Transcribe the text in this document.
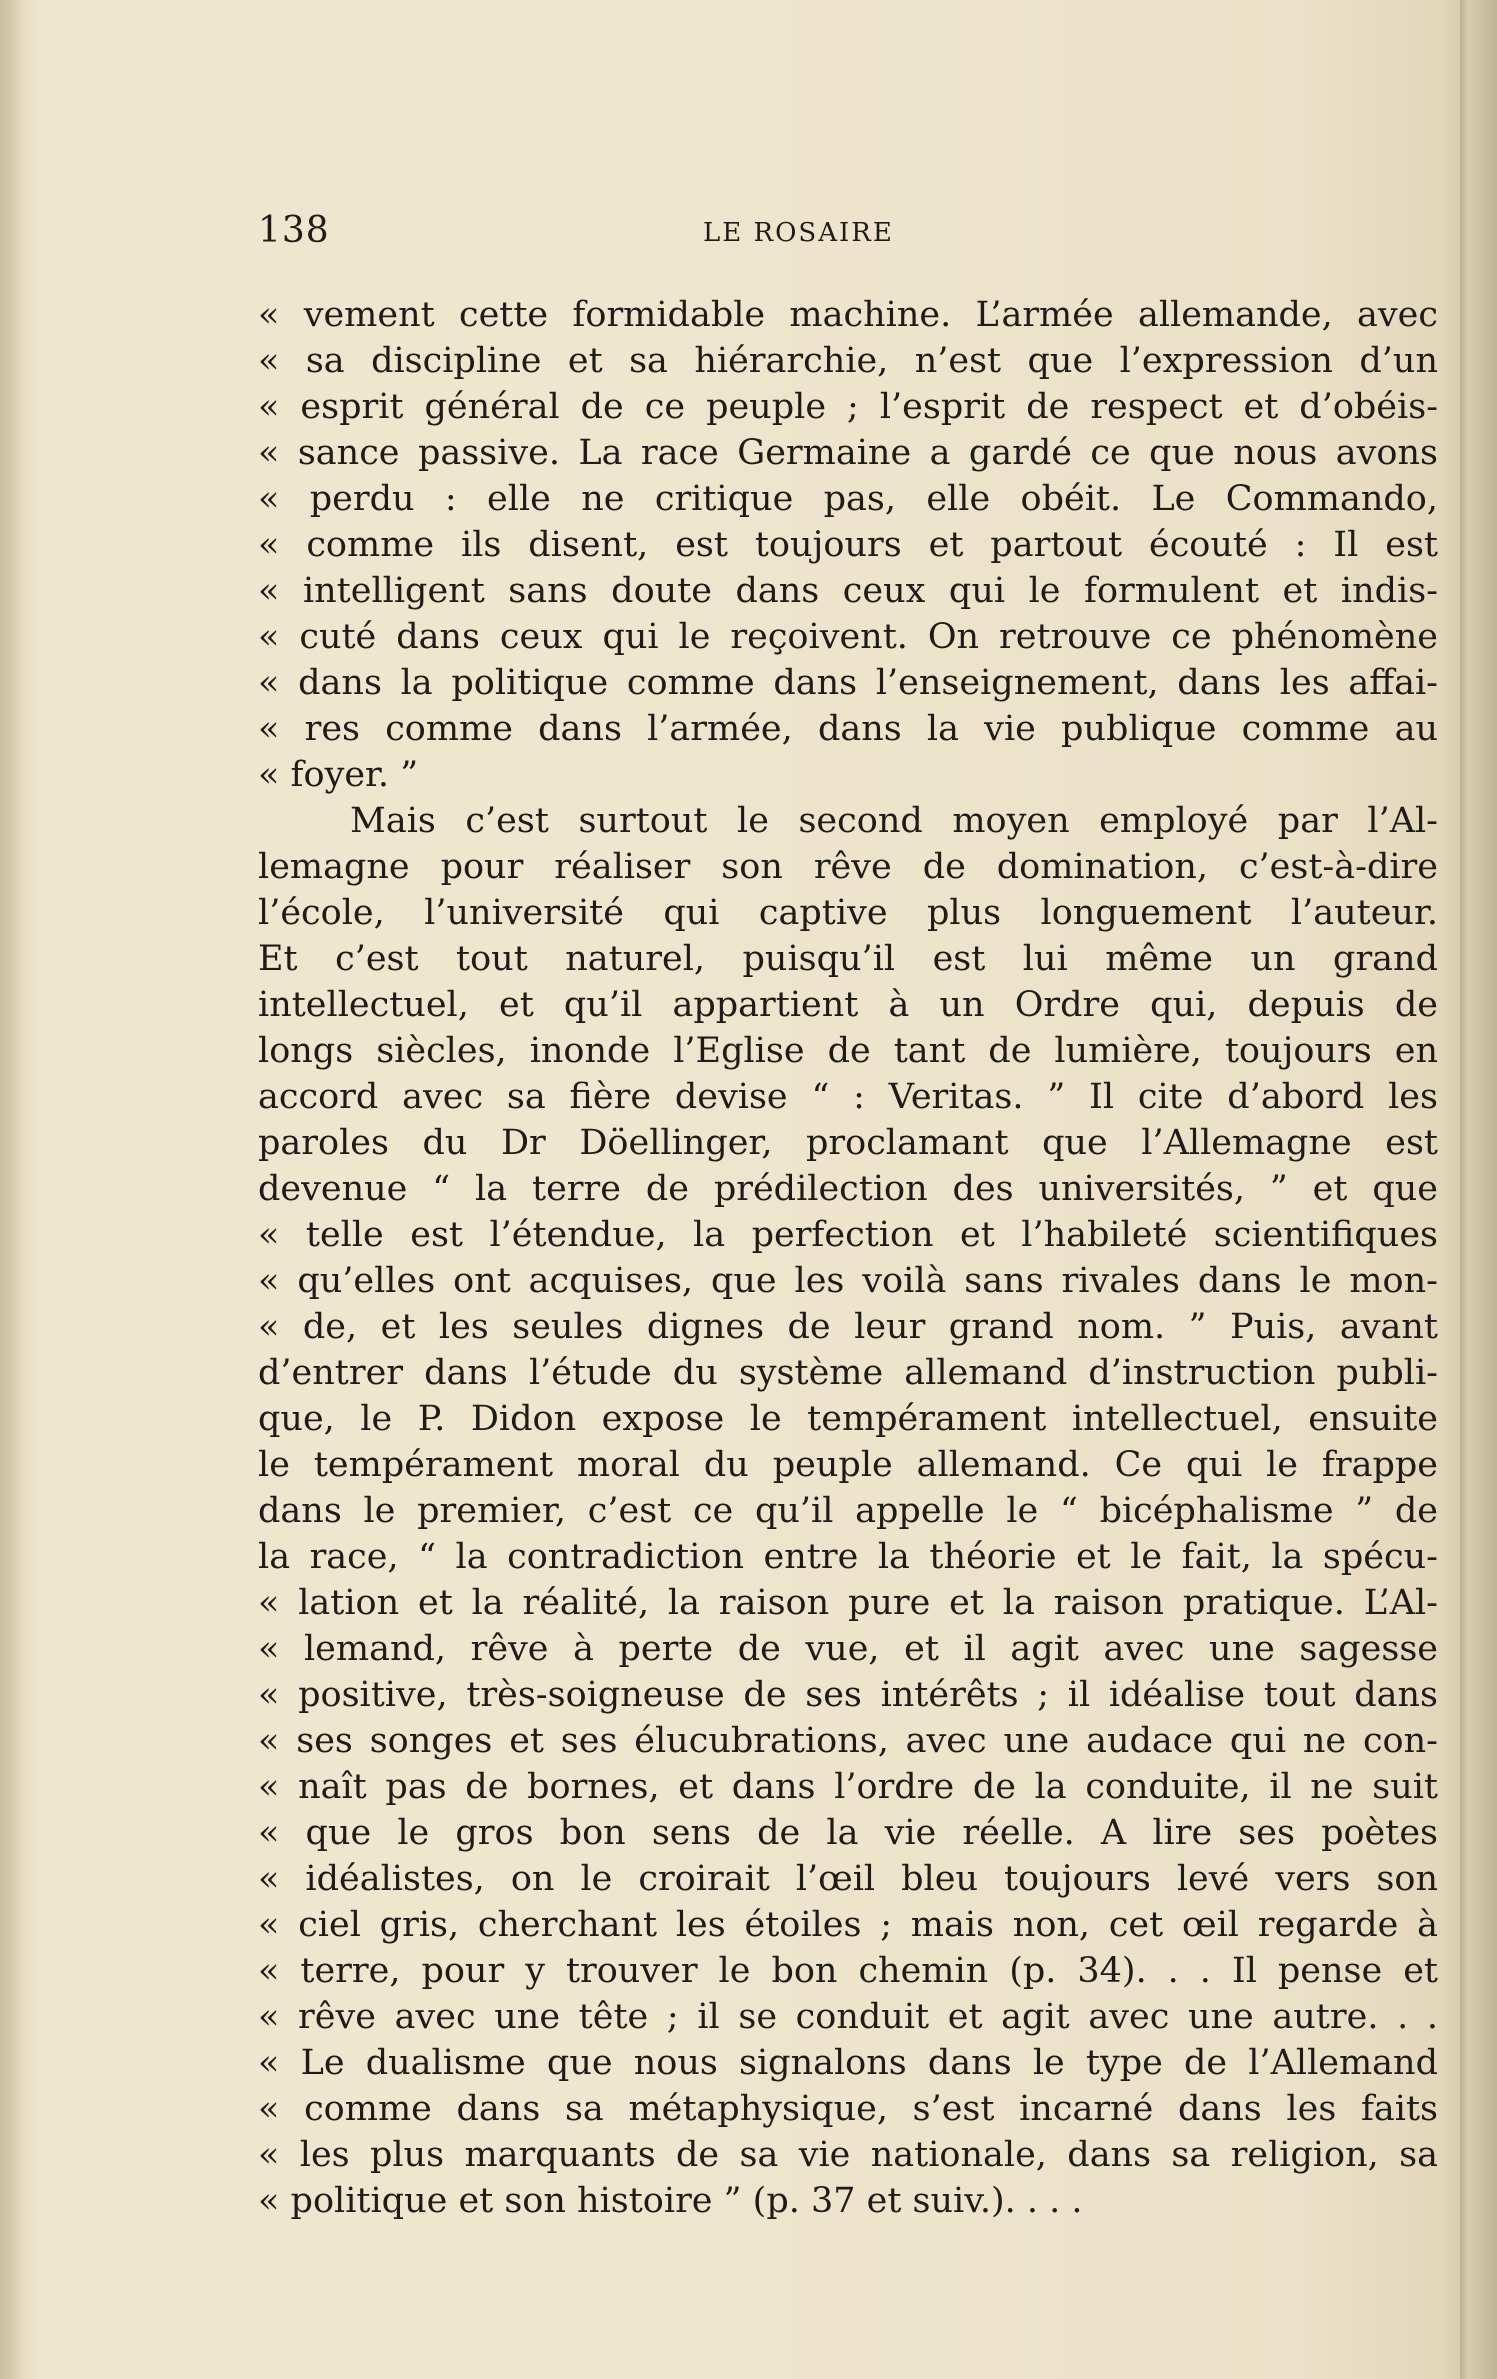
138	LE ROSAIRE
« vement cette formidable machine. L’armée allemande, avec
« sa discipline et sa hiérarchie, n’est que l’expression d’un
« esprit général de ce peuple ; l’esprit de respect et d’obéis-
« sance passive. La race Germaine a gardé ce que nous avons
« perdu : elle ne critique pas, elle obéit. Le Commando,
« comme ils disent, est toujours et partout écouté : Il est
« intelligent sans doute dans ceux qui le formulent et indis-
« cuté dans ceux qui le reçoivent. On retrouve ce phénomène
« dans la politique comme dans l’enseignement, dans les affai-
« res comme dans l’armée, dans la vie publique comme au
« foyer. ”
Mais c’est surtout le second moyen employé par l’Al-
lemagne pour réaliser son rêve de domination, c’est-à-dire
l’école, l’université qui captive plus longuement l’auteur.
Et c’est tout naturel, puisqu’il est lui même un grand
intellectuel, et qu’il appartient à un Ordre qui, depuis de
longs siècles, inonde l’Eglise de tant de lumière, toujours en
accord avec sa fière devise “ : Veritas. ” Il cite d’abord les
paroles du Dr Döellinger, proclamant que l’Allemagne est
devenue “ la terre de prédilection des universités, ” et que
« telle est l’étendue, la perfection et l’habileté scientifiques
« qu’elles ont acquises, que les voilà sans rivales dans le mon-
« de, et les seules dignes de leur grand nom. ” Puis, avant
d’entrer dans l’étude du système allemand d’instruction publi-
que, le P. Didon expose le tempérament intellectuel, ensuite
le tempérament moral du peuple allemand. Ce qui le frappe
dans le premier, c’est ce qu’il appelle le “ bicéphalisme ” de
la race, “ la contradiction entre la théorie et le fait, la spécu-
« lation et la réalité, la raison pure et la raison pratique. L’Al-
« lemand, rêve à perte de vue, et il agit avec une sagesse
« positive, très-soigneuse de ses intérêts ; il idéalise tout dans
« ses songes et ses élucubrations, avec une audace qui ne con-
« naît pas de bornes, et dans l’ordre de la conduite, il ne suit
« que le gros bon sens de la vie réelle. A lire ses poètes
« idéalistes, on le croirait l’œil bleu toujours levé vers son
« ciel gris, cherchant les étoiles ; mais non, cet œil regarde à
« terre, pour y trouver le bon chemin (p. 34). . . Il pense et
« rêve avec une tête ; il se conduit et agit avec une autre. . .
« Le dualisme que nous signalons dans le type de l’Allemand
« comme dans sa métaphysique, s’est incarné dans les faits
« les plus marquants de sa vie nationale, dans sa religion, sa
« politique et son histoire ” (p. 37 et suiv.). . . .
